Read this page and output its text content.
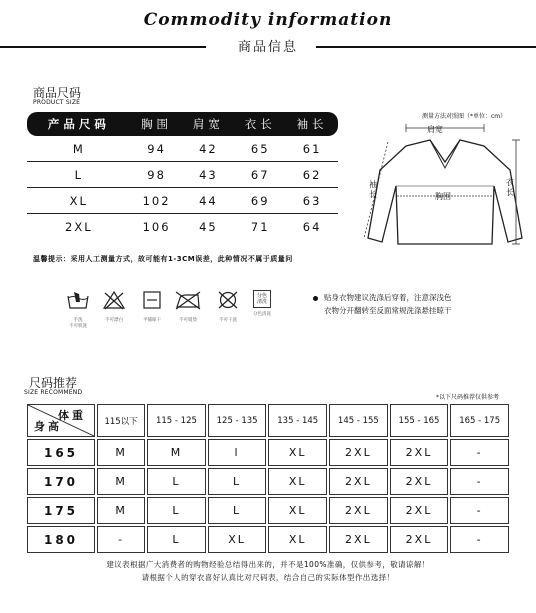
Commodity information
商品信息
商品尺码
PRODUCT SIZE
产品尺码	胸围	肩宽	衣长	袖长
M	94	42	65	61
L	98	43	67	62
XL	102	44	69	63
2XL	106	45	71	64
温馨提示：采用人工测量方式，故可能有1-3CM误差，此种情况不属于质量问
测量方法对照图（*单位：cm）
肩宽
胸围
袖长
衣长
手洗
不可机洗
不可漂白	平铺晾干	不可熨烫	不可干洗
分色
清洗
分色清洗
贴身衣物建议洗涤后穿着，注意深浅色
衣物分开翻转至反面常规洗涤悬挂晾干
尺码推荐
SIZE RECOMMEND
*以下尺码推荐仅供参考
体重
身高	115以下	115 - 125	125 - 135	135 - 145	145 - 155	155 - 165	165 - 175
165	M	M	l	XL	2XL	2XL	-
170	M	L	L	XL	2XL	2XL	-
175	M	L	L	XL	2XL	2XL	-
180	-	L	XL	XL	2XL	2XL	-
建议表根据广大消费者的购物经验总结得出来的，并不是100%准确，仅供参考，敬请谅解！
请根据个人的穿衣喜好认真比对尺码表，结合自己的实际体型作出选择！
